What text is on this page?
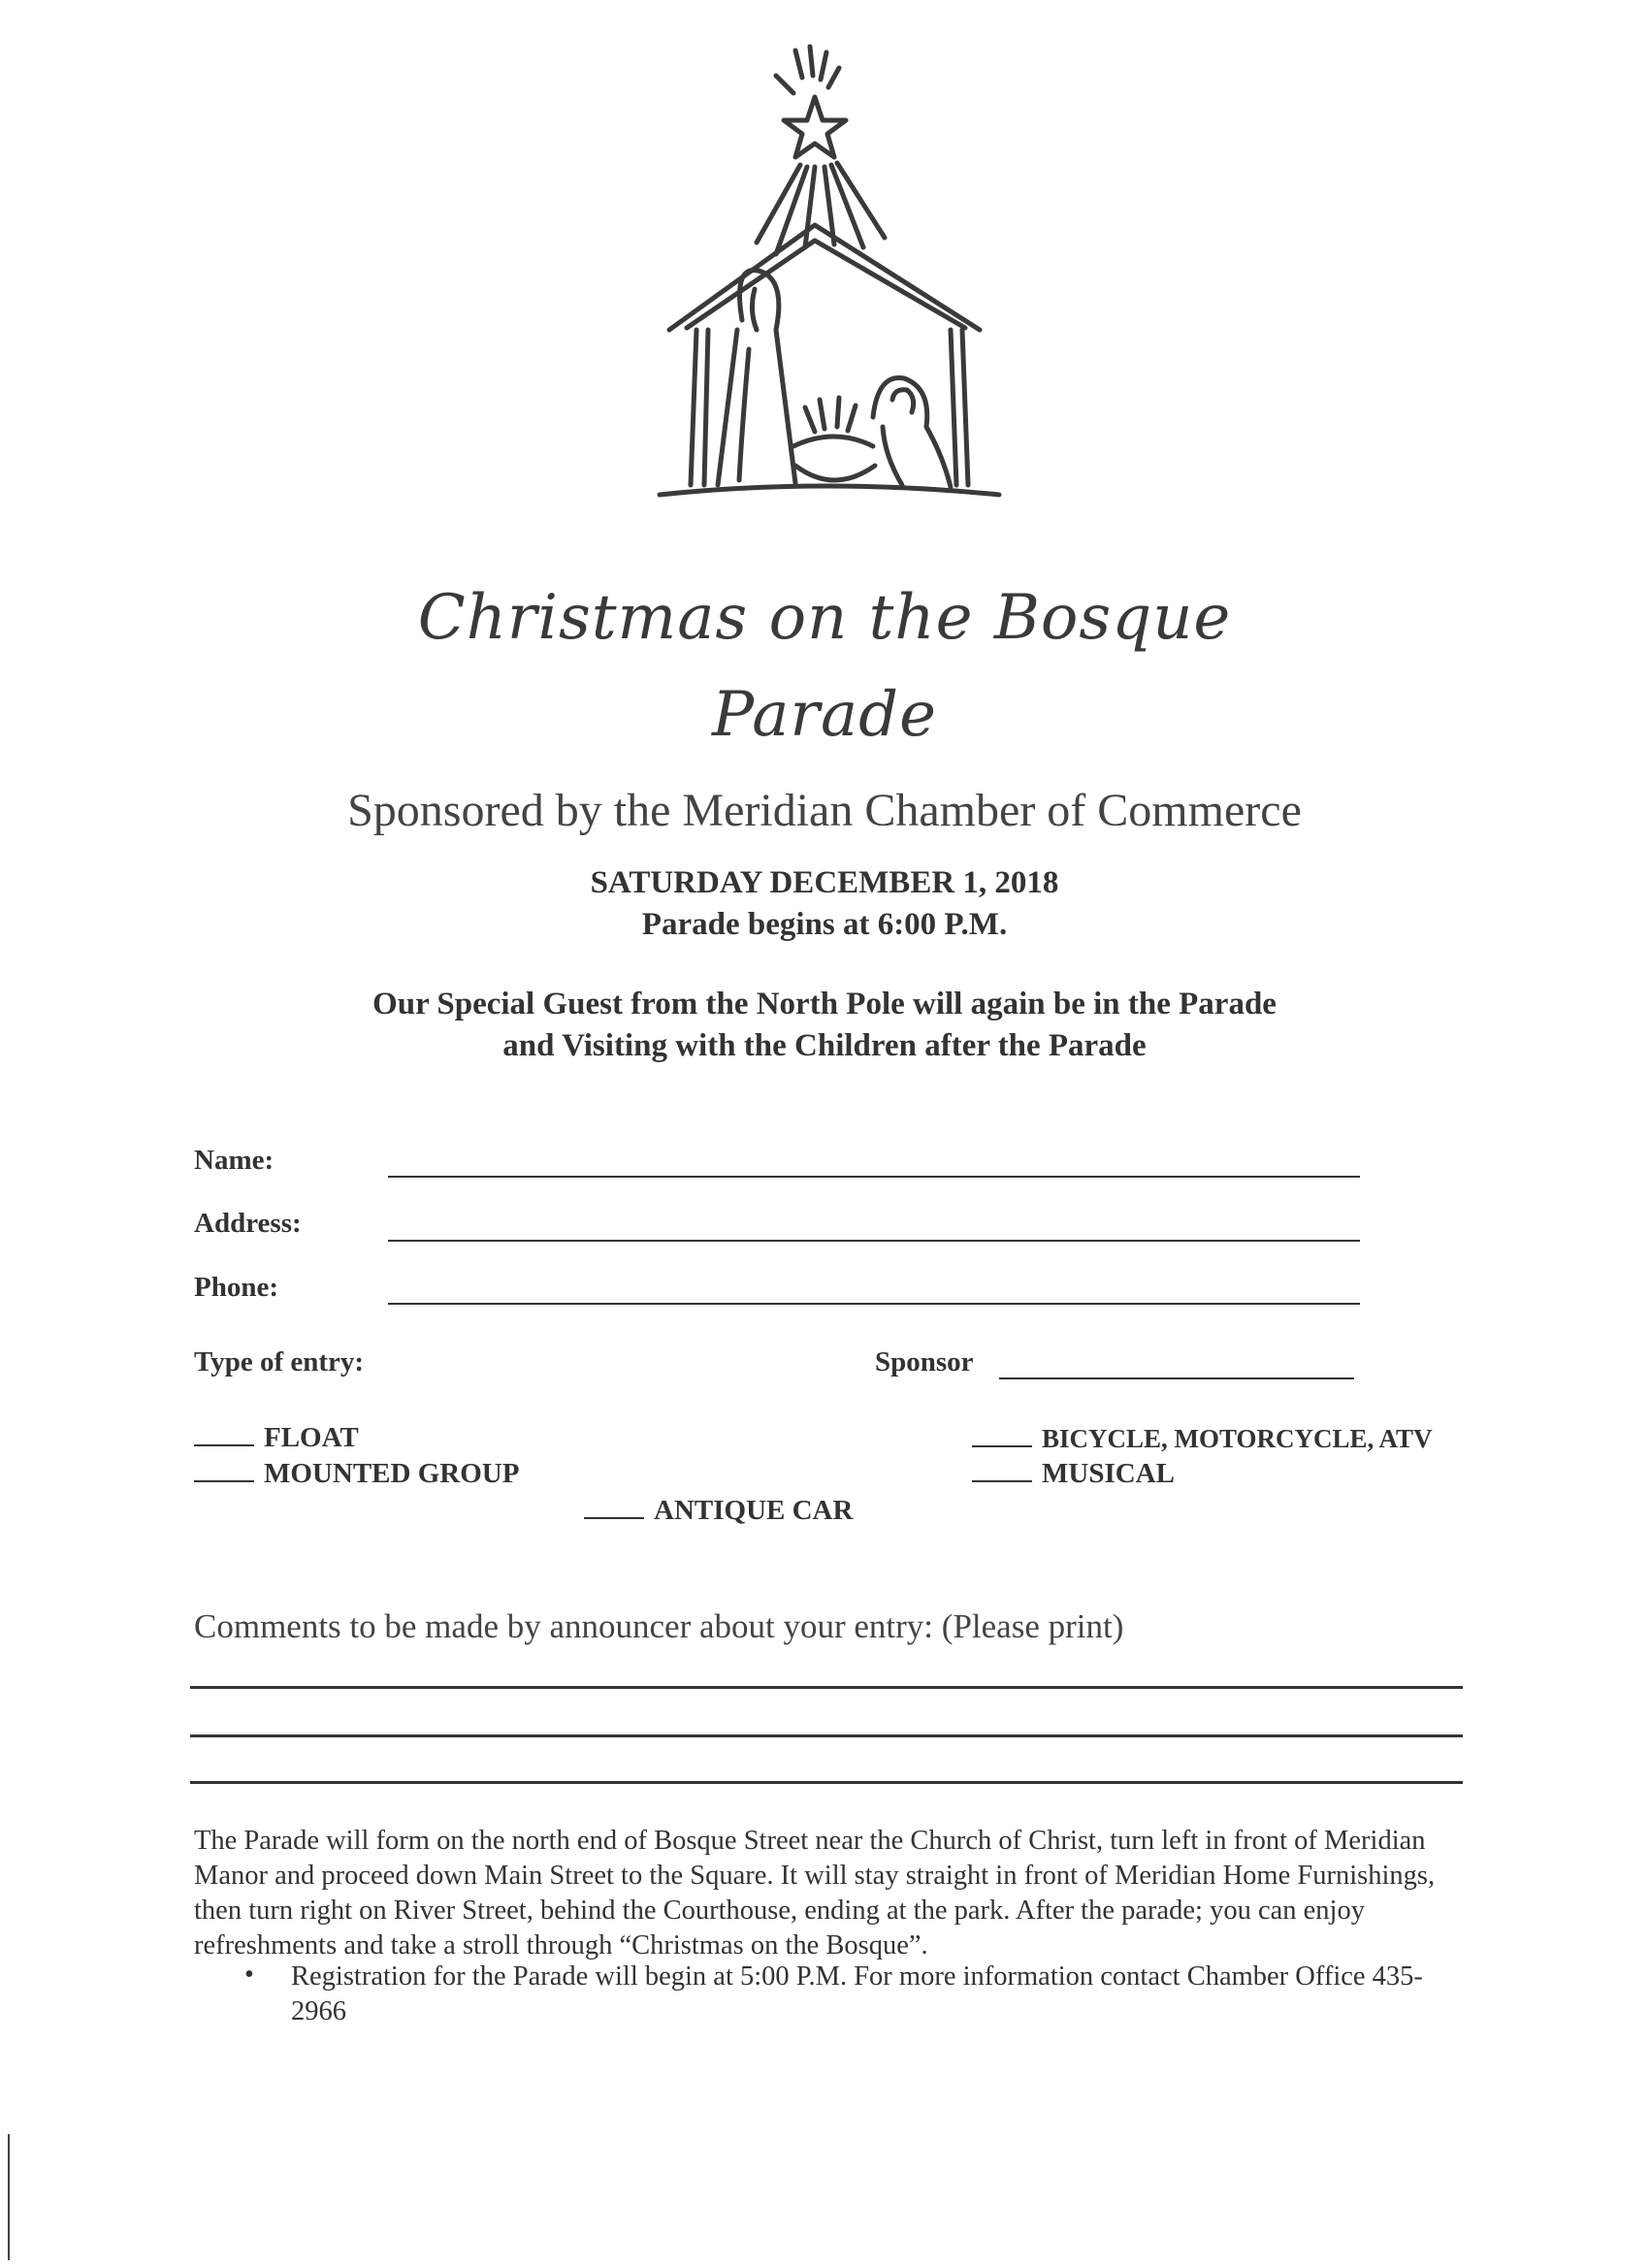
Christmas on the Bosque
Parade
Sponsored by the Meridian Chamber of Commerce
SATURDAY DECEMBER 1, 2018
Parade begins at 6:00 P.M.
Our Special Guest from the North Pole will again be in the Parade
and Visiting with the Children after the Parade
Name:
Address:
Phone:
Type of entry:	Sponsor
FLOAT
MOUNTED GROUP
ANTIQUE CAR
BICYCLE, MOTORCYCLE, ATV
MUSICAL
Comments to be made by announcer about your entry: (Please print)
The Parade will form on the north end of Bosque Street near the Church of Christ, turn left in front of Meridian Manor and proceed down Main Street to the Square. It will stay straight in front of Meridian Home Furnishings, then turn right on River Street, behind the Courthouse, ending at the park. After the parade; you can enjoy refreshments and take a stroll through “Christmas on the Bosque”.
• Registration for the Parade will begin at 5:00 P.M. For more information contact Chamber Office 435-2966
